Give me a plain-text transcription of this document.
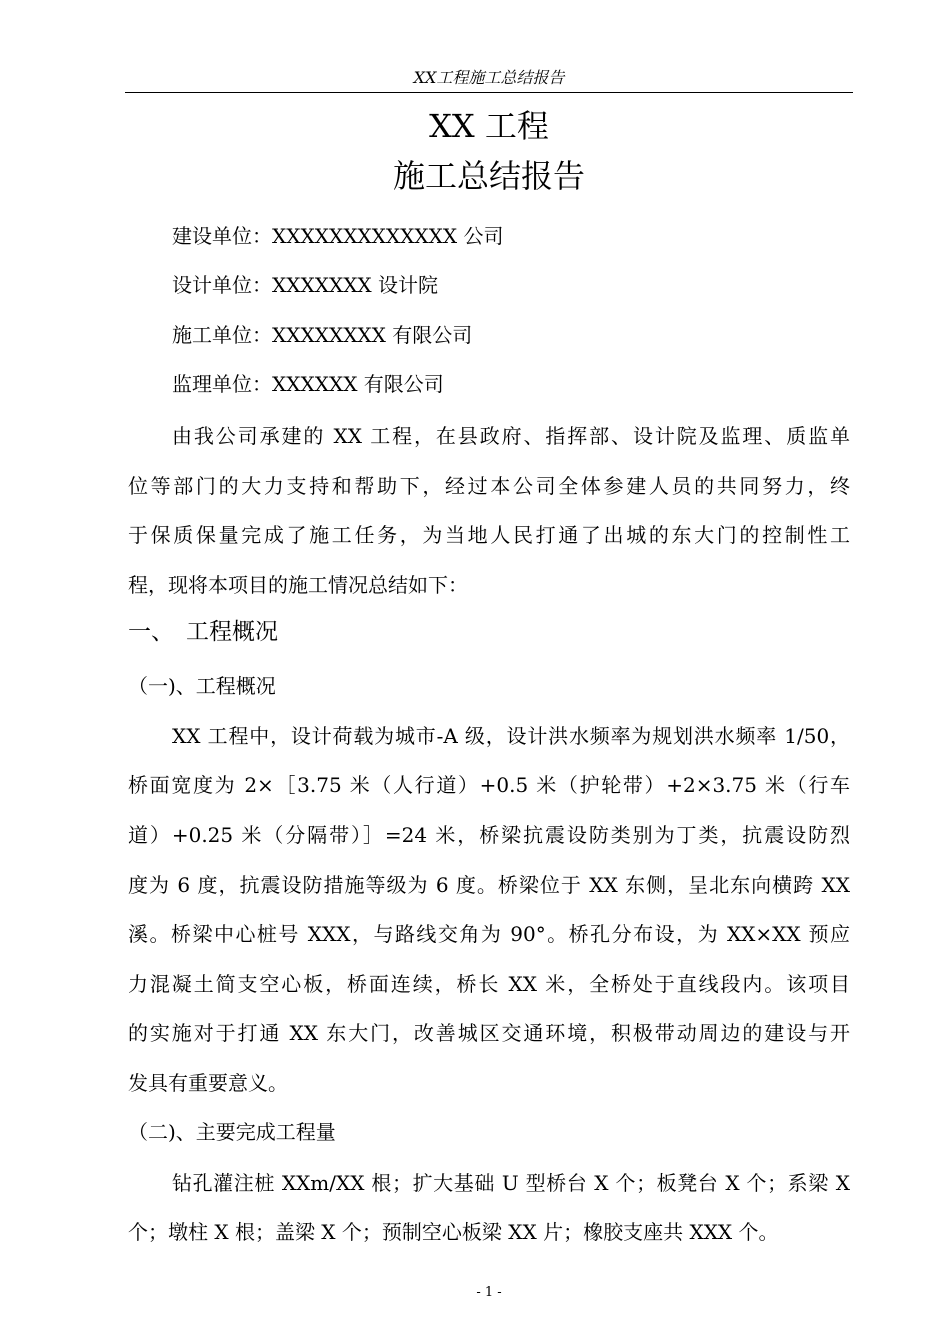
XX工程施工总结报告
XX 工程
施工总结报告
建设单位：XXXXXXXXXXXXX 公司
设计单位：XXXXXXX 设计院
施工单位：XXXXXXXX 有限公司
监理单位：XXXXXX 有限公司
由我公司承建的 XX 工程，在县政府、指挥部、设计院及监理、质监单
位等部门的大力支持和帮助下，经过本公司全体参建人员的共同努力，终
于保质保量完成了施工任务，为当地人民打通了出城的东大门的控制性工
程，现将本项目的施工情况总结如下：
一、 工程概况
（一)、工程概况
XX 工程中，设计荷载为城市-A 级，设计洪水频率为规划洪水频率 1/50，
桥面宽度为 2×［3.75 米（人行道）+0.5 米（护轮带）+2×3.75 米（行车
道）+0.25 米（分隔带）］=24 米，桥梁抗震设防类别为丁类，抗震设防烈
度为 6 度，抗震设防措施等级为 6 度。桥梁位于 XX 东侧，呈北东向横跨 XX
溪。桥梁中心桩号 XXX，与路线交角为 90°。桥孔分布设，为 XX×XX 预应
力混凝土简支空心板，桥面连续，桥长 XX 米，全桥处于直线段内。该项目
的实施对于打通 XX 东大门，改善城区交通环境，积极带动周边的建设与开
发具有重要意义。
（二)、主要完成工程量
钻孔灌注桩 XXm/XX 根；扩大基础 U 型桥台 X 个；板凳台 X 个；系梁 X
个；墩柱 X 根；盖梁 X 个；预制空心板梁 XX 片；橡胶支座共 XXX 个。
- 1 -
